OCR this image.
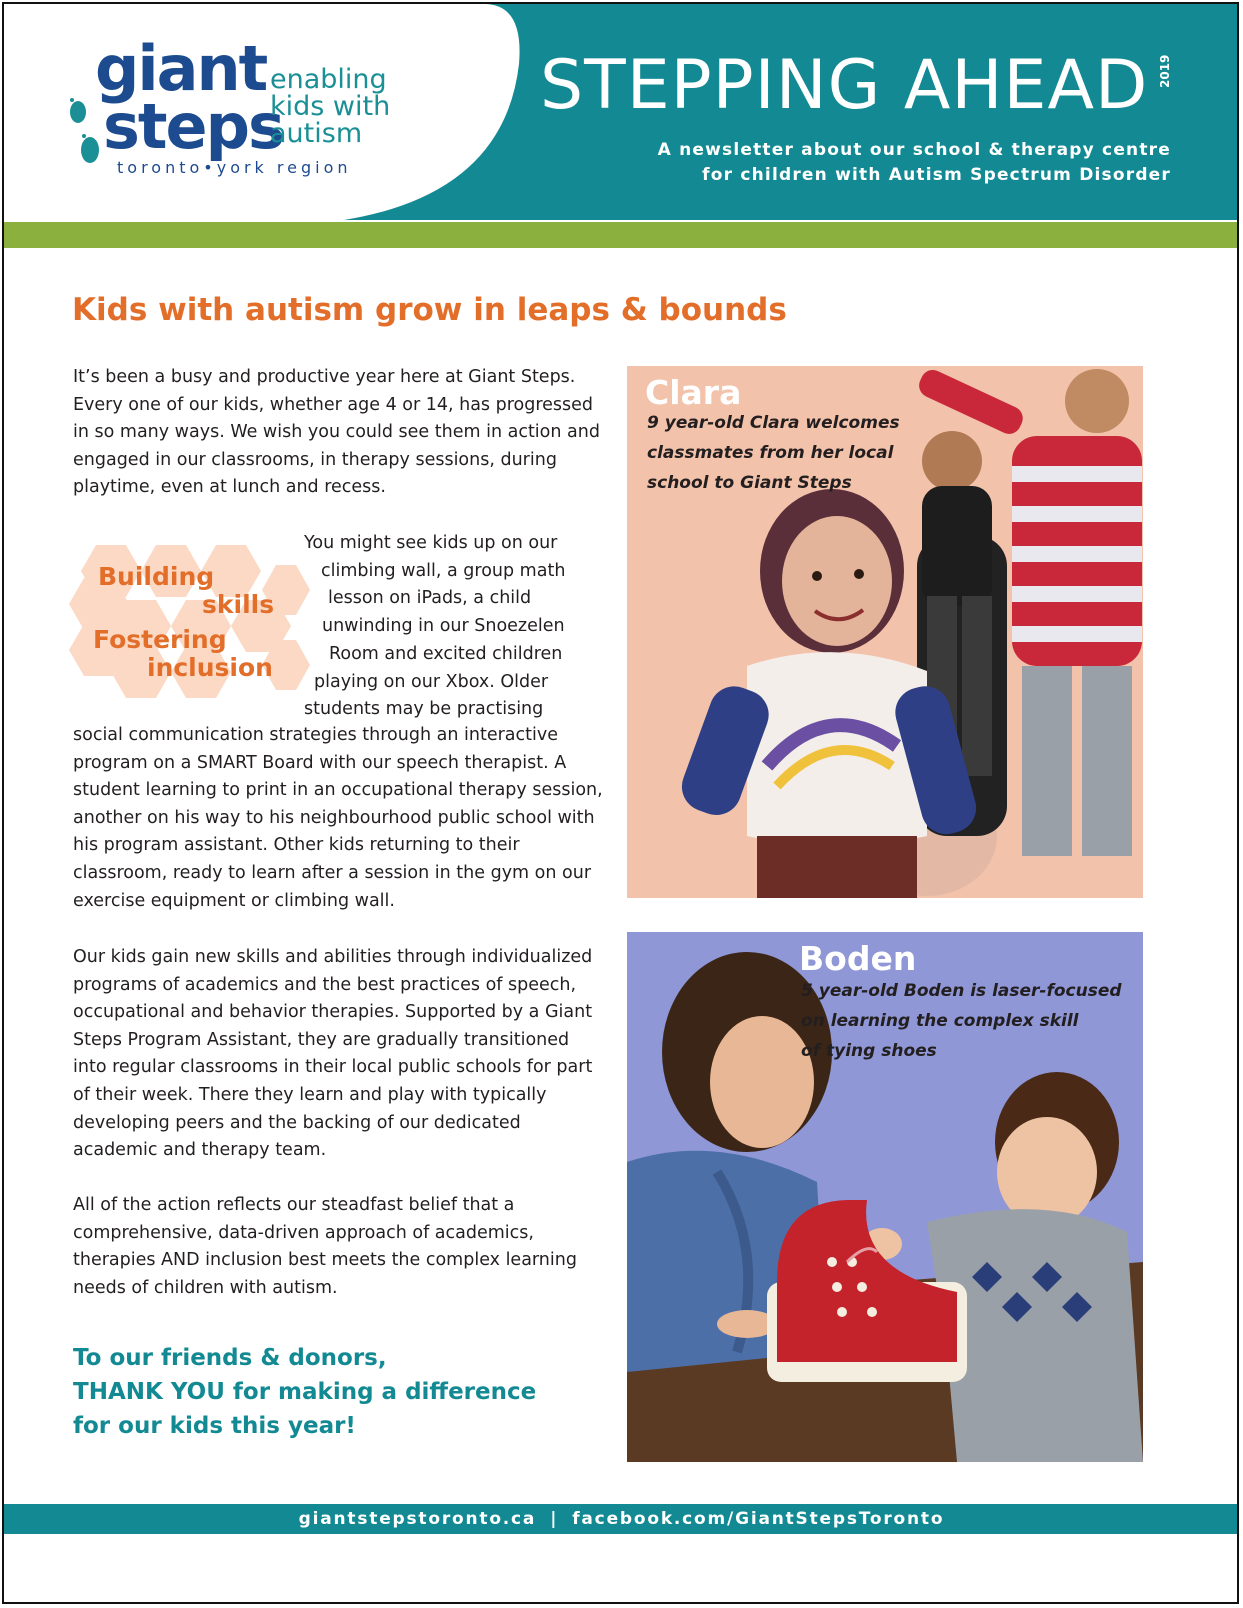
giant
steps
enabling
kids with
autism
toronto•york region
STEPPING AHEAD 2019
A newsletter about our school & therapy centre
for children with Autism Spectrum Disorder
Kids with autism grow in leaps & bounds
It’s been a busy and productive year here at Giant Steps. Every one of our kids, whether age 4 or 14, has progressed in so many ways. We wish you could see them in action and engaged in our classrooms, in therapy sessions, during playtime, even at lunch and recess.
Building
skills
Fostering
inclusion
You might see kids up on our
climbing wall, a group math
lesson on iPads, a child
unwinding in our Snoezelen
Room and excited children
playing on our Xbox. Older
students may be practising
social communication strategies through an interactive program on a SMART Board with our speech therapist. A student learning to print in an occupational therapy session, another on his way to his neighbourhood public school with his program assistant. Other kids returning to their classroom, ready to learn after a session in the gym on our exercise equipment or climbing wall.
Our kids gain new skills and abilities through individualized programs of academics and the best practices of speech, occupational and behavior therapies. Supported by a Giant Steps Program Assistant, they are gradually transitioned into regular classrooms in their local public schools for part of their week. There they learn and play with typically developing peers and the backing of our dedicated academic and therapy team.
All of the action reflects our steadfast belief that a comprehensive, data-driven approach of academics, therapies AND inclusion best meets the complex learning needs of children with autism.
To our friends & donors,
THANK YOU for making a difference
for our kids this year!
Clara
9 year-old Clara welcomes
classmates from her local
school to Giant Steps
Boden
5 year-old Boden is laser-focused
on learning the complex skill
of tying shoes
giantstepstoronto.ca | facebook.com/GiantStepsToronto
